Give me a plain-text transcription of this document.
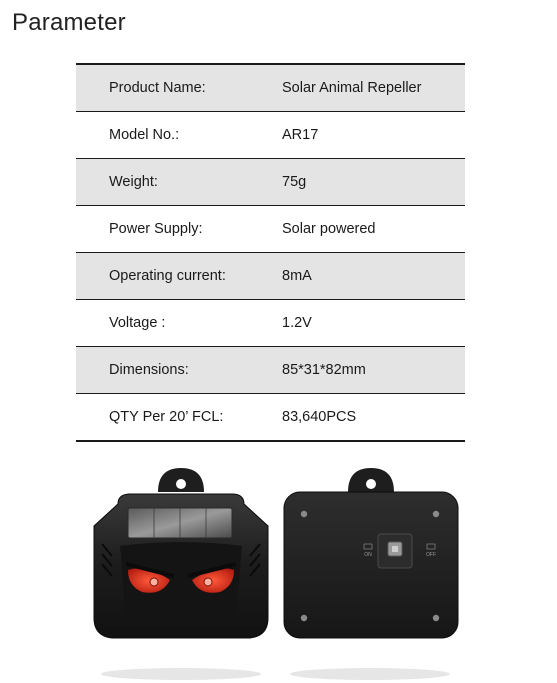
Parameter
Product Name:	Solar Animal Repeller
Model No.:	AR17
Weight:	75g
Power Supply:	Solar powered
Operating current:	8mA
Voltage :	1.2V
Dimensions:	85*31*82mm
QTY Per 20’ FCL:	83,640PCS
ON	OFF
